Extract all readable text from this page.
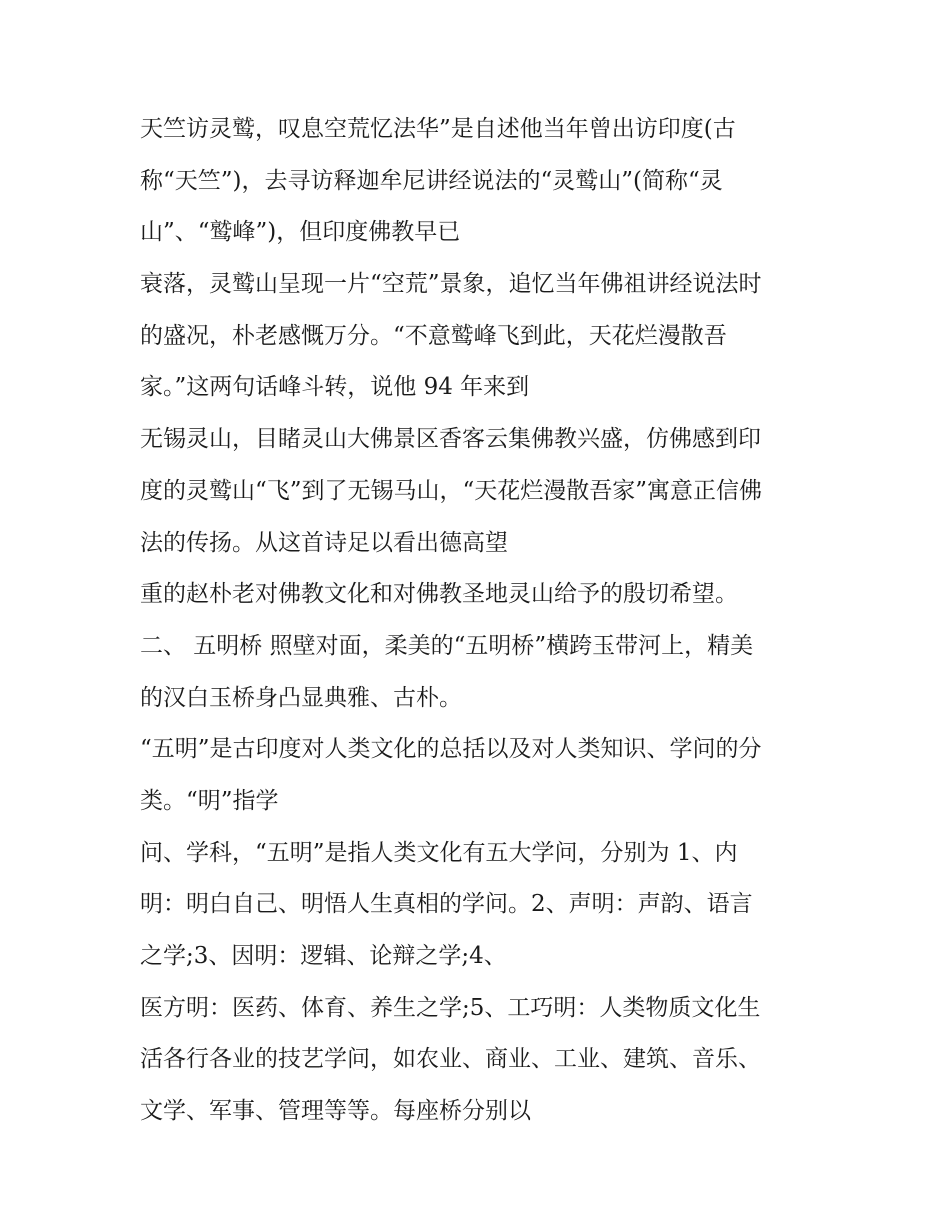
天竺访灵鹫，叹息空荒忆法华”是自述他当年曾出访印度(古
称“天竺”)，去寻访释迦牟尼讲经说法的“灵鹫山”(简称“灵
山”、“鹫峰”)，但印度佛教早已
衰落，灵鹫山呈现一片“空荒”景象，追忆当年佛祖讲经说法时
的盛况，朴老感慨万分。“不意鹫峰飞到此，天花烂漫散吾
家。”这两句话峰斗转，说他 94 年来到
无锡灵山，目睹灵山大佛景区香客云集佛教兴盛，仿佛感到印
度的灵鹫山“飞”到了无锡马山，“天花烂漫散吾家”寓意正信佛
法的传扬。从这首诗足以看出德高望
重的赵朴老对佛教文化和对佛教圣地灵山给予的殷切希望。
二、 五明桥 照壁对面，柔美的“五明桥”横跨玉带河上，精美
的汉白玉桥身凸显典雅、古朴。
“五明”是古印度对人类文化的总括以及对人类知识、学问的分
类。“明”指学
问、学科，“五明”是指人类文化有五大学问，分别为 1、内
明：明白自己、明悟人生真相的学问。2、声明：声韵、语言
之学;3、因明：逻辑、论辩之学;4、
医方明：医药、体育、养生之学;5、工巧明：人类物质文化生
活各行各业的技艺学问，如农业、商业、工业、建筑、音乐、
文学、军事、管理等等。每座桥分别以
